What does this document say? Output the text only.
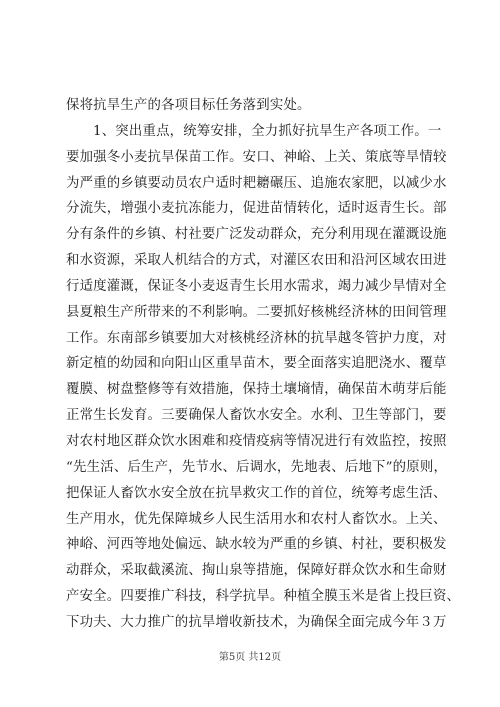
保将抗旱生产的各项目标任务落到实处。
1、突出重点，统筹安排，全力抓好抗旱生产各项工作。一
要加强冬小麦抗旱保苗工作。安口、神峪、上关、策底等旱情较
为严重的乡镇要动员农户适时耙耱碾压、追施农家肥，以减少水
分流失，增强小麦抗冻能力，促进苗情转化，适时返青生长。部
分有条件的乡镇、村社要广泛发动群众，充分利用现在灌溉设施
和水资源，采取人机结合的方式，对灌区农田和沿河区域农田进
行适度灌溉，保证冬小麦返青生长用水需求，竭力减少旱情对全
县夏粮生产所带来的不利影响。二要抓好核桃经济林的田间管理
工作。东南部乡镇要加大对核桃经济林的抗旱越冬管护力度，对
新定植的幼园和向阳山区重旱苗木，要全面落实追肥浇水、覆草
覆膜、树盘整修等有效措施，保持土壤墒情，确保苗木萌芽后能
正常生长发育。三要确保人畜饮水安全。水利、卫生等部门，要
对农村地区群众饮水困难和疫情疫病等情况进行有效监控，按照
“先生活、后生产，先节水、后调水，先地表、后地下”的原则，
把保证人畜饮水安全放在抗旱救灾工作的首位，统筹考虑生活、
生产用水，优先保障城乡人民生活用水和农村人畜饮水。上关、
神峪、河西等地处偏远、缺水较为严重的乡镇、村社，要积极发
动群众，采取截溪流、掏山泉等措施，保障好群众饮水和生命财
产安全。四要推广科技，科学抗旱。种植全膜玉米是省上投巨资、
下功夫、大力推广的抗旱增收新技术，为确保全面完成今年３万
第5页 共12页
